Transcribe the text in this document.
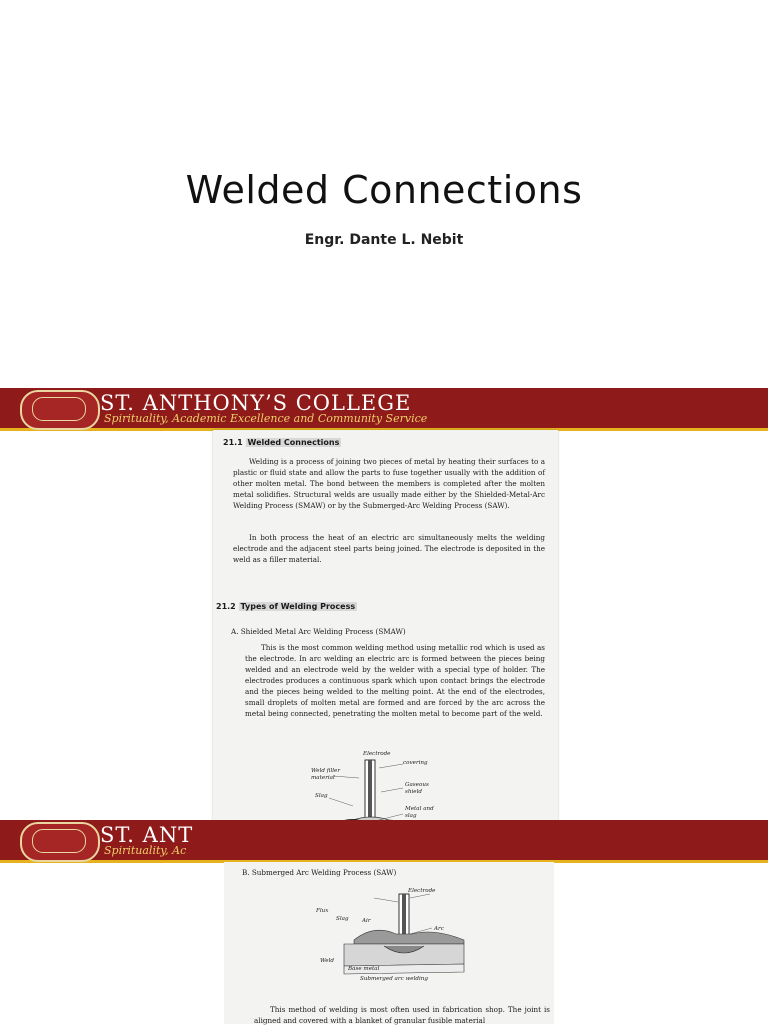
Welded Connections
Engr. Dante L. Nebit
ST. ANTHONY’S COLLEGE
Spirituality, Academic Excellence and Community Service
21.1 Welded Connections
Welding is a process of joining two pieces of metal by heating their surfaces to a plastic or fluid state and allow the parts to fuse together usually with the addition of other molten metal. The bond between the members is completed after the molten metal solidifies. Structural welds are usually made either by the Shielded-Metal-Arc Welding Process (SMAW) or by the Submerged-Arc Welding Process (SAW).
In both process the heat of an electric arc simultaneously melts the welding electrode and the adjacent steel parts being joined. The electrode is deposited in the weld as a filler material.
21.2 Types of Welding Process
A. Shielded Metal Arc Welding Process (SMAW)
This is the most common welding method using metallic rod which is used as the electrode. In arc welding an electric arc is formed between the pieces being welded and an electrode weld by the welder with a special type of holder. The electrodes produces a continuous spark which upon contact brings the electrode and the pieces being welded to the melting point. At the end of the electrodes, small droplets of molten metal are formed and are forced by the arc across the metal being connected, penetrating the molten metal to become part of the weld.
Electrode
covering
Weld filler material
Gaseous shield
Slag
Metal and slag
ST. ANT
Spirituality, Ac
B. Submerged Arc Welding Process (SAW)
Electrode
Flux
Slag Air
Arc
Weld
Base metal
Submerged arc welding
This method of welding is most often used in fabrication shop. The joint is aligned and covered with a blanket of granular fusible material
